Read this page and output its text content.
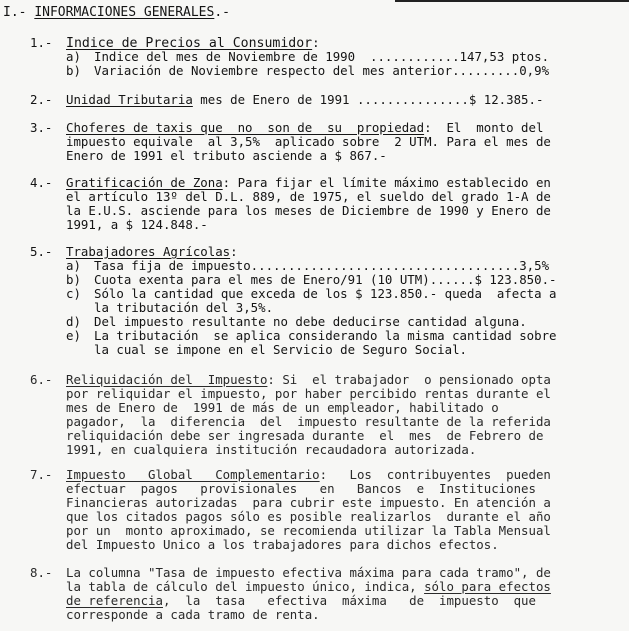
I.- INFORMACIONES GENERALES.-
1.- Indice de Precios al Consumidor:
a) Indice del mes de Noviembre de 1990  ............147,53 ptos.
b) Variación de Noviembre respecto del mes anterior.........0,9%
2.- Unidad Tributaria mes de Enero de 1991 ...............$ 12.385.-
3.- Choferes de taxis que  no  son de  su  propiedad:  El  monto del
impuesto equivale  al 3,5%  aplicado sobre  2 UTM. Para el mes de
Enero de 1991 el tributo asciende a $ 867.-
4.- Gratificación de Zona: Para fijar el límite máximo establecido en
el artículo 13º del D.L. 889, de 1975, el sueldo del grado 1-A de
la E.U.S. asciende para los meses de Diciembre de 1990 y Enero de
1991, a $ 124.848.-
5.- Trabajadores Agrícolas:
a) Tasa fija de impuesto....................................3,5%
b) Cuota exenta para el mes de Enero/91 (10 UTM)......$ 123.850.-
c) Sólo la cantidad que exceda de los $ 123.850.- queda  afecta a
la tributación del 3,5%.
d) Del impuesto resultante no debe deducirse cantidad alguna.
e) La tributación  se aplica considerando la misma cantidad sobre
la cual se impone en el Servicio de Seguro Social.
6.- Reliquidación del  Impuesto: Si  el trabajador  o pensionado opta
por reliquidar el impuesto, por haber percibido rentas durante el
mes de Enero de  1991 de más de un empleador, habilitado o
pagador,  la  diferencia  del  impuesto resultante de la referida
reliquidación debe ser ingresada durante  el  mes  de Febrero de
1991, en cualquiera institución recaudadora autorizada.
7.- Impuesto   Global   Complementario:   Los  contribuyentes  pueden
efectuar  pagos   provisionales   en   Bancos  e  Instituciones
Financieras autorizadas  para cubrir este impuesto. En atención a
que los citados pagos sólo es posible realizarlos  durante el año
por un  monto aproximado, se recomienda utilizar la Tabla Mensual
del Impuesto Unico a los trabajadores para dichos efectos.
8.- La columna "Tasa de impuesto efectiva máxima para cada tramo", de
la tabla de cálculo del impuesto único, indica, sólo para efectos
de referencia,  la  tasa   efectiva  máxima   de  impuesto  que
corresponde a cada tramo de renta.
